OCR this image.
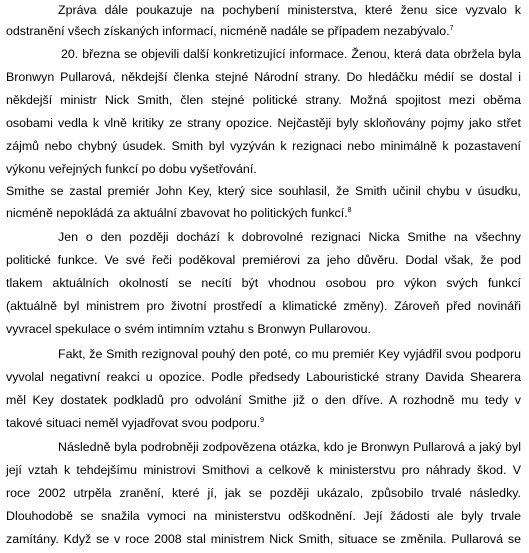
Zpráva dále poukazuje na pochybení ministerstva, které ženu sice vyzvalo k
odstranění všech získaných informací, nicméně nadále se případem nezabývalo.$^7$
20. března se objevili další konkretizující informace. Ženou, která data obrželа byla
Bronwyn Pullarová, někdejší členka stejné Národní strany. Do hledáčku médií se dostal i
někdejší ministr Nick Smith, člen stejné politické strany. Možná spojitost mezi oběma
osobami vedla k vlně kritiky ze strany opozice. Nejčastěji byly skloňovány pojmy jako střet
zájmů nebo chybný úsudek. Smith byl vyzýván k rezignaci nebo minimálně k pozastavení
výkonu veřejných funkcí po dobu vyšetřování.
Smithe se zastal premiér John Key, který sice souhlasil, že Smith učinil chybu v úsudku,
nicméně nepokládá za aktuální zbavovat ho politických funkcí.$^8$
Jen o den později dochází k dobrovolné rezignaci Nicka Smithe na všechny
politické funkce. Ve své řeči poděkoval premiérovi za jeho důvěru. Dodal však, že pod
tlakem aktuálních okolností se necítí být vhodnou osobou pro výkon svých funkcí
(aktuálně byl ministrem pro životní prostředí a klimatické změny). Zároveň před novináři
vyvracel spekulace o svém intimním vztahu s Bronwyn Pullarovou.
Fakt, že Smith rezignoval pouhý den poté, co mu premiér Key vyjádřil svou podporu
vyvolal negativní reakci u opozice. Podle předsedy Labouristické strany Davida Shearera
měl Key dostatek podkladů pro odvolání Smithe již o den dříve. A rozhodně mu tedy v
takové situaci neměl vyjadřovat svou podporu.$^9$
Následně byla podrobněji zodpovězena otázka, kdo je Bronwyn Pullarová a jaký byl
její vztah k tehdejšímu ministrovi Smithovi a celkově k ministerstvu pro náhrady škod. V
roce 2002 utrpěla zranění, které jí, jak se později ukázalo, způsobilo trvalé následky.
Dlouhodobě se snažila vymoci na ministerstvu odškodnění. Její žádosti ale byly trvale
zamítány. Když se v roce 2008 stal ministrem Nick Smith, situace se změnila. Pullarová se
